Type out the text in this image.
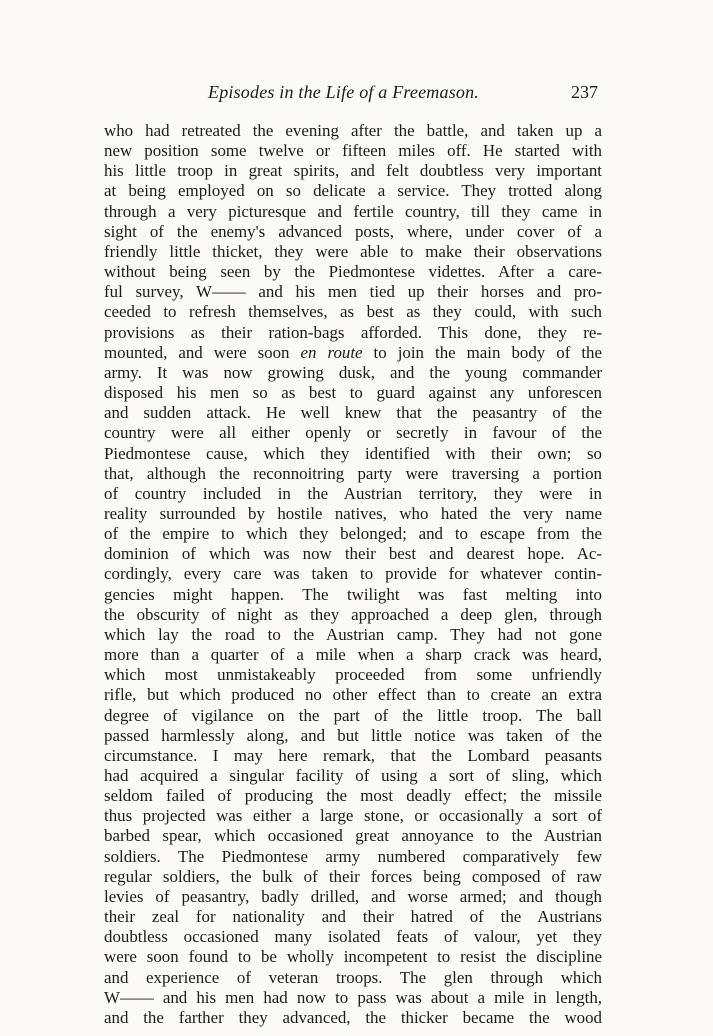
Episodes in the Life of a Freemason.	237
who had retreated the evening after the battle, and taken up a
new position some twelve or fifteen miles off. He started with
his little troop in great spirits, and felt doubtless very important
at being employed on so delicate a service. They trotted along
through a very picturesque and fertile country, till they came in
sight of the enemy's advanced posts, where, under cover of a
friendly little thicket, they were able to make their observations
without being seen by the Piedmontese videttes. After a care-
ful survey, W—— and his men tied up their horses and pro-
ceeded to refresh themselves, as best as they could, with such
provisions as their ration-bags afforded. This done, they re-
mounted, and were soon en route to join the main body of the
army. It was now growing dusk, and the young commander
disposed his men so as best to guard against any unforescen
and sudden attack. He well knew that the peasantry of the
country were all either openly or secretly in favour of the
Piedmontese cause, which they identified with their own; so
that, although the reconnoitring party were traversing a portion
of country included in the Austrian territory, they were in
reality surrounded by hostile natives, who hated the very name
of the empire to which they belonged; and to escape from the
dominion of which was now their best and dearest hope. Ac-
cordingly, every care was taken to provide for whatever contin-
gencies might happen. The twilight was fast melting into
the obscurity of night as they approached a deep glen, through
which lay the road to the Austrian camp. They had not gone
more than a quarter of a mile when a sharp crack was heard,
which most unmistakeably proceeded from some unfriendly
rifle, but which produced no other effect than to create an extra
degree of vigilance on the part of the little troop. The ball
passed harmlessly along, and but little notice was taken of the
circumstance. I may here remark, that the Lombard peasants
had acquired a singular facility of using a sort of sling, which
seldom failed of producing the most deadly effect; the missile
thus projected was either a large stone, or occasionally a sort of
barbed spear, which occasioned great annoyance to the Austrian
soldiers. The Piedmontese army numbered comparatively few
regular soldiers, the bulk of their forces being composed of raw
levies of peasantry, badly drilled, and worse armed; and though
their zeal for nationality and their hatred of the Austrians
doubtless occasioned many isolated feats of valour, yet they
were soon found to be wholly incompetent to resist the discipline
and experience of veteran troops. The glen through which
W—— and his men had now to pass was about a mile in length,
and the farther they advanced, the thicker became the wood
